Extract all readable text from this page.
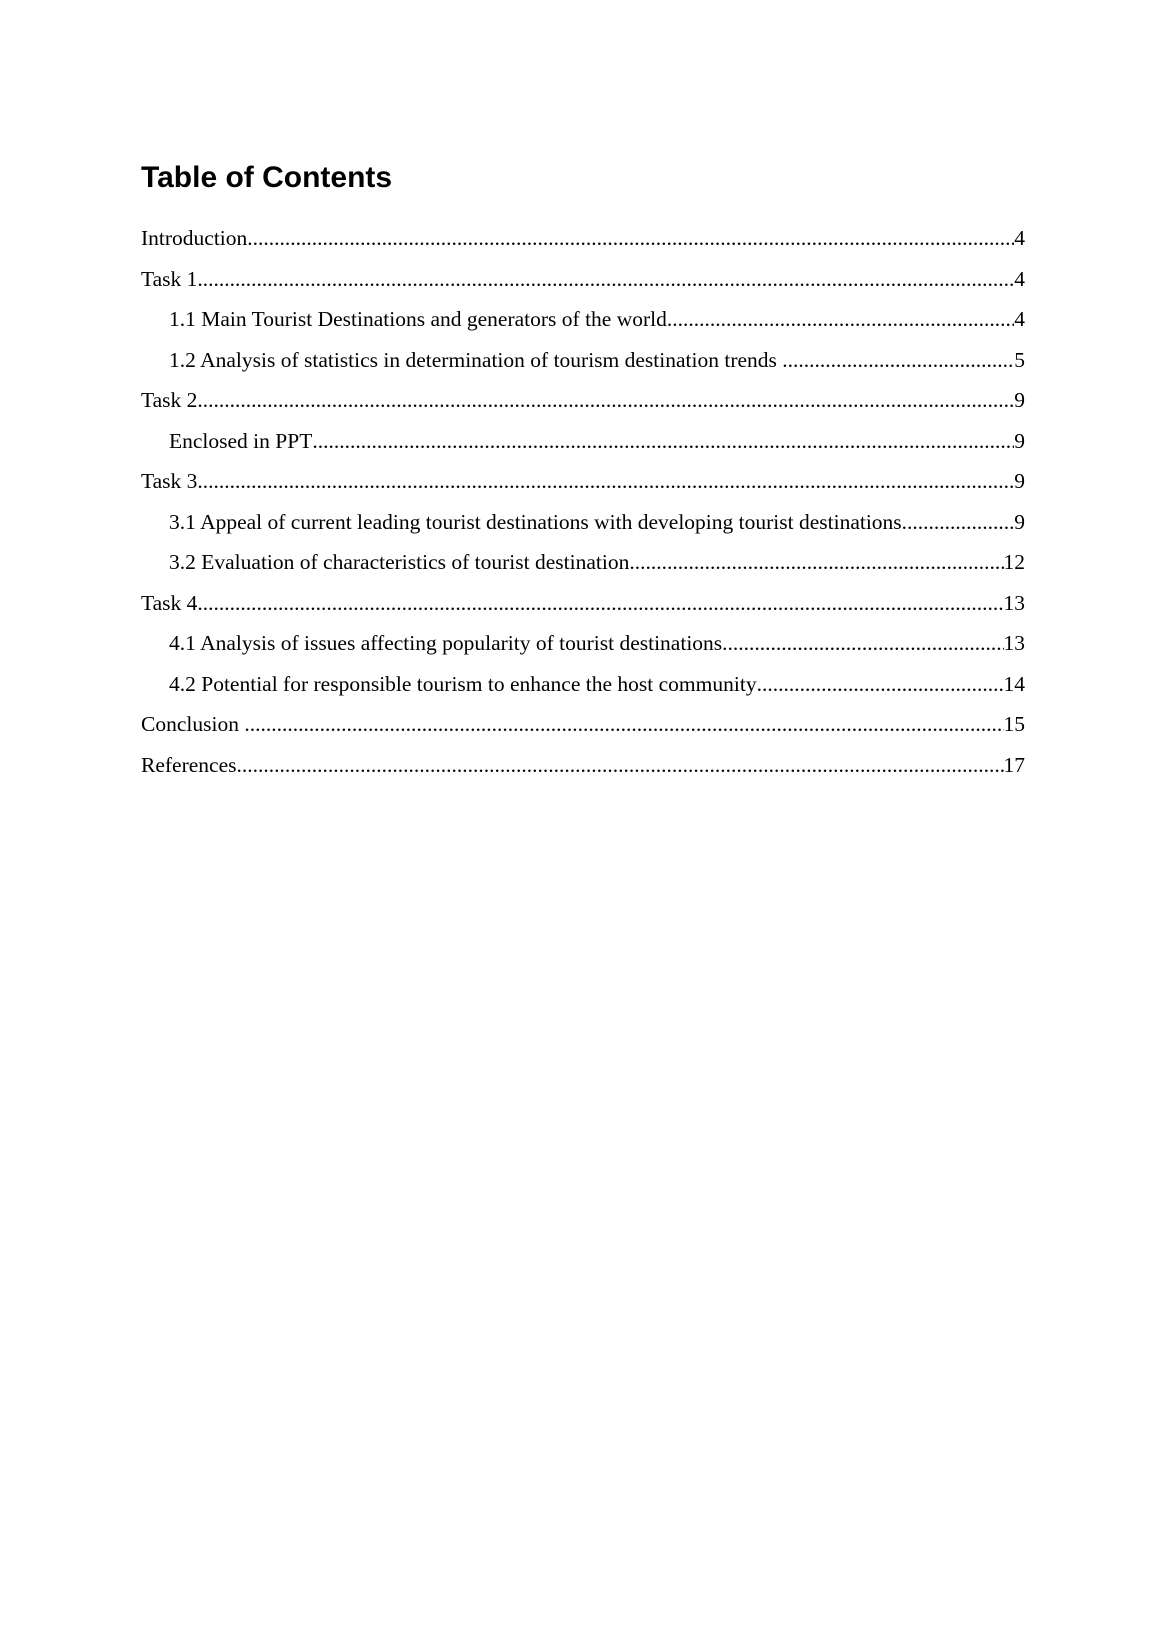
Table of Contents
Introduction .....	4
Task 1 .....	4
1.1 Main Tourist Destinations and generators of the world .....	4
1.2 Analysis of statistics in determination of tourism destination trends .....	5
Task 2 .....	9
Enclosed in PPT .....	9
Task 3 .....	9
3.1 Appeal of current leading tourist destinations with developing tourist destinations .....	9
3.2 Evaluation of characteristics of tourist destination .....	12
Task 4 .....	13
4.1 Analysis of issues affecting popularity of tourist destinations .....	13
4.2 Potential for responsible tourism to enhance the host community .....	14
Conclusion .....	15
References .....	17
